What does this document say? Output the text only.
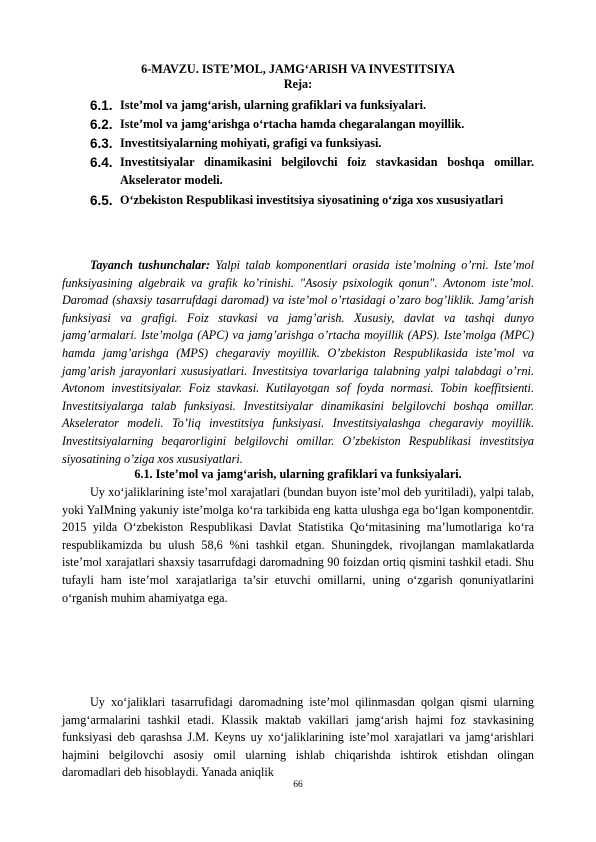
6-MAVZU. ISTE’MOL, JAMG‘ARISH VA INVESTITSIYA
Reja:
6.1. Iste’mol va jamg‘arish, ularning grafiklari va funksiyalari.
6.2. Iste’mol va jamg‘arishga o‘rtacha hamda chegaralangan moyillik.
6.3. Investitsiyalarning mohiyati, grafigi va funksiyasi.
6.4. Investitsiyalar dinamikasini belgilovchi foiz stavkasidan boshqa omillar. Akselerator modeli.
6.5. O‘zbekiston Respublikasi investitsiya siyosatining o‘ziga xos xususiyatlari
Tayanch tushunchalar: Yalpi talab komponentlari orasida iste’molning o’rni. Iste’mol funksiyasining algebraik va grafik ko’rinishi. "Asosiy psixologik qonun". Avtonom iste’mol. Daromad (shaxsiy tasarrufdagi daromad) va iste’mol o’rtasidagi o’zaro bog’liklik. Jamg’arish funksiyasi va grafigi. Foiz stavkasi va jamg’arish. Xususiy, davlat va tashqi dunyo jamg’armalari. Iste’molga (APC) va jamg’arishga o’rtacha moyillik (APS). Iste’molga (MPC) hamda jamg’arishga (MPS) chegaraviy moyillik. O’zbekiston Respublikasida iste’mol va jamg’arish jarayonlari xususiyatlari. Investitsiya tovarlariga talabning yalpi talabdagi o’rni. Avtonom investitsiyalar. Foiz stavkasi. Kutilayotgan sof foyda normasi. Tobin koeffitsienti. Investitsiyalarga talab funksiyasi. Investitsiyalar dinamikasini belgilovchi boshqa omillar. Akselerator modeli. To’liq investitsiya funksiyasi. Investitsiyalashga chegaraviy moyillik. Investitsiyalarning beqarorligini belgilovchi omillar. O’zbekiston Respublikasi investitsiya siyosatining o’ziga xos xususiyatlari.
6.1. Iste’mol va jamg‘arish, ularning grafiklari va funksiyalari.
Uy xo‘jaliklarining iste’mol xarajatlari (bundan buyon iste’mol deb yuritiladi), yalpi talab, yoki YaIMning yakuniy iste’molga ko‘ra tarkibida eng katta ulushga ega bo‘lgan komponentdir. 2015 yilda O‘zbekiston Respublikasi Davlat Statistika Qo‘mitasining ma’lumotlariga ko‘ra respublikamizda bu ulush 58,6 %ni tashkil etgan. Shuningdek, rivojlangan mamlakatlarda iste’mol xarajatlari shaxsiy tasarrufdagi daromadning 90 foizdan ortiq qismini tashkil etadi. Shu tufayli ham iste’mol xarajatlariga ta’sir etuvchi omillarni, uning o‘zgarish qonuniyatlarini o‘rganish muhim ahamiyatga ega.
Uy xo‘jaliklari tasarrufidagi daromadning iste’mol qilinmasdan qolgan qismi ularning jamg‘armalarini tashkil etadi. Klassik maktab vakillari jamg‘arish hajmi foz stavkasining funksiyasi deb qarashsa J.M. Keyns uy xo‘jaliklarining iste’mol xarajatlari va jamg‘arishlari hajmini belgilovchi asosiy omil ularning ishlab chiqarishda ishtirok etishdan olingan daromadlari deb hisoblaydi. Yanada aniqlik
66
